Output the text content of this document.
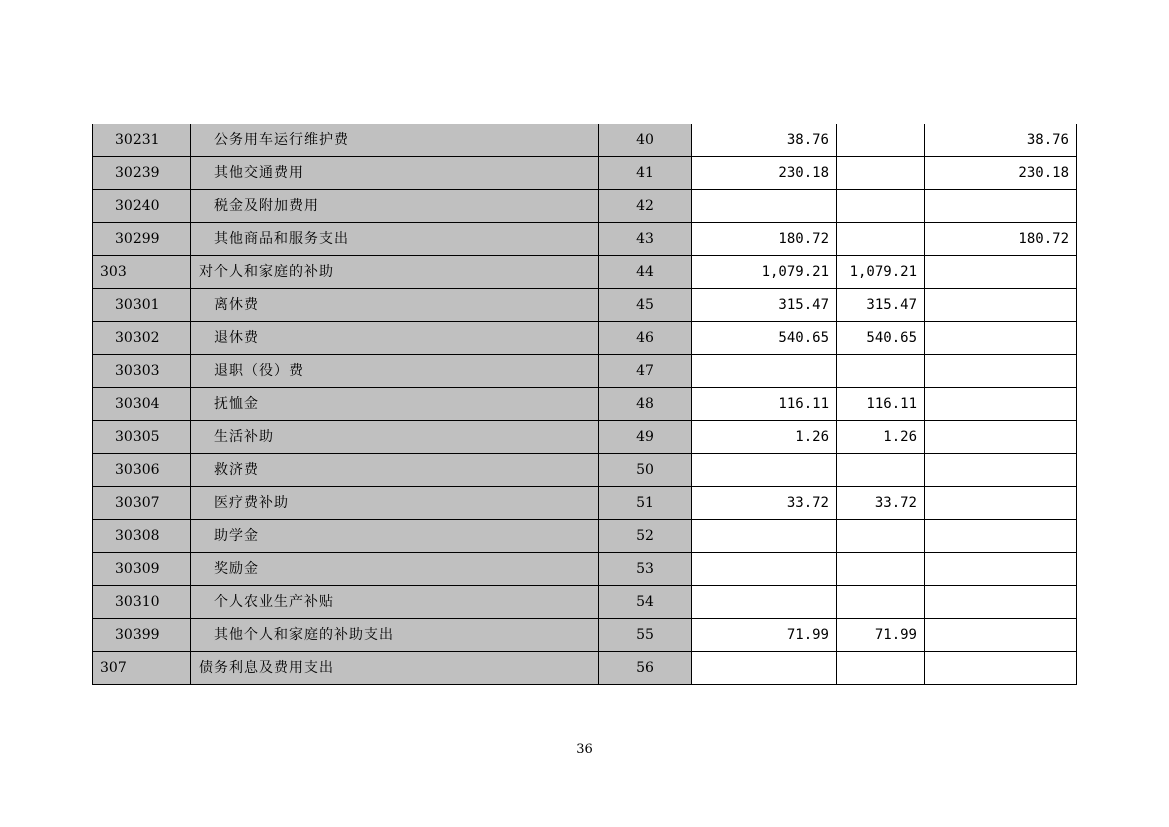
30231	公务用车运行维护费	40	38.76		38.76
30239	其他交通费用	41	230.18		230.18
30240	税金及附加费用	42			
30299	其他商品和服务支出	43	180.72		180.72
303	对个人和家庭的补助	44	1,079.21	1,079.21	
30301	离休费	45	315.47	315.47	
30302	退休费	46	540.65	540.65	
30303	退职（役）费	47			
30304	抚恤金	48	116.11	116.11	
30305	生活补助	49	1.26	1.26	
30306	救济费	50			
30307	医疗费补助	51	33.72	33.72	
30308	助学金	52			
30309	奖励金	53			
30310	个人农业生产补贴	54			
30399	其他个人和家庭的补助支出	55	71.99	71.99	
307	债务利息及费用支出	56			
36
